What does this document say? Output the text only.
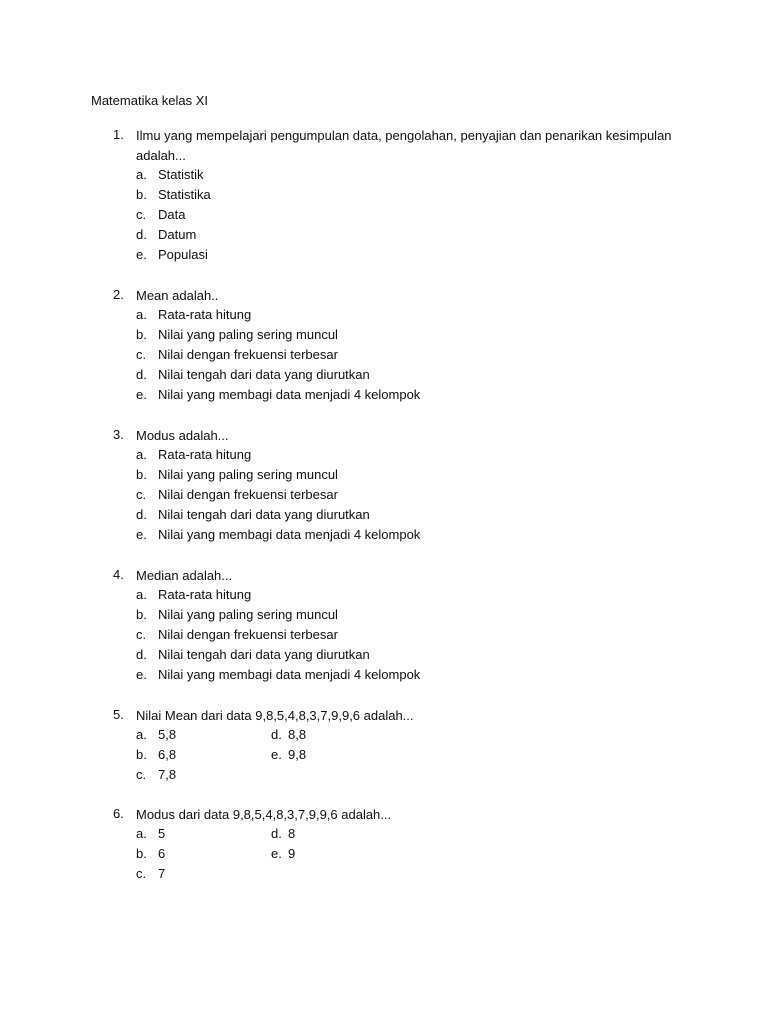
Matematika kelas XI
1. Ilmu yang mempelajari pengumpulan data, pengolahan, penyajian dan penarikan kesimpulan adalah...
a. Statistik
b. Statistika
c. Data
d. Datum
e. Populasi
2. Mean adalah..
a. Rata-rata hitung
b. Nilai yang paling sering muncul
c. Nilai dengan frekuensi terbesar
d. Nilai tengah dari data yang diurutkan
e. Nilai yang membagi data menjadi 4 kelompok
3. Modus adalah...
a. Rata-rata hitung
b. Nilai yang paling sering muncul
c. Nilai dengan frekuensi terbesar
d. Nilai tengah dari data yang diurutkan
e. Nilai yang membagi data menjadi 4 kelompok
4. Median adalah...
a. Rata-rata hitung
b. Nilai yang paling sering muncul
c. Nilai dengan frekuensi terbesar
d. Nilai tengah dari data yang diurutkan
e. Nilai yang membagi data menjadi 4 kelompok
5. Nilai Mean dari data 9,8,5,4,8,3,7,9,9,6 adalah...
a. 5,8
b. 6,8
c. 7,8
d. 8,8
e. 9,8
6. Modus dari data 9,8,5,4,8,3,7,9,9,6 adalah...
a. 5
b. 6
c. 7
d. 8
e. 9
